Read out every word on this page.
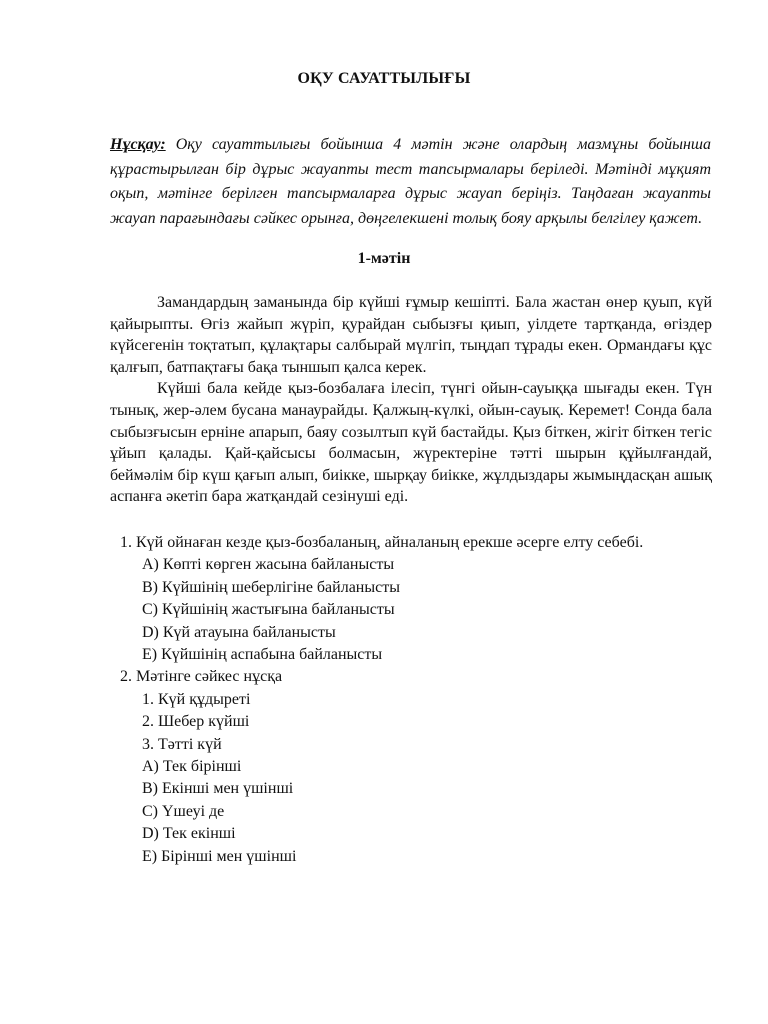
ОҚУ САУАТТЫЛЫҒЫ

Нұсқау: Оқу сауаттылығы бойынша 4 мәтін және олардың мазмұны бойынша құрастырылған бір дұрыс жауапты тест тапсырмалары беріледі. Мәтінді мұқият оқып, мәтінге берілген тапсырмаларға дұрыс жауап беріңіз. Таңдаған жауапты жауап парағындағы сәйкес орынға, дөңгелекшені толық бояу арқылы белгілеу қажет.

1-мәтін

Замандардың заманында бір күйші ғұмыр кешіпті. Бала жастан өнер қуып, күй қайырыпты. Өгіз жайып жүріп, қурайдан сыбызғы қиып, уілдете тартқанда, өгіздер күйсегенін тоқтатып, құлақтары салбырай мүлгіп, тыңдап тұрады екен. Ормандағы құс қалғып, батпақтағы бақа тыншып қалса керек.

Күйші бала кейде қыз-бозбалаға ілесіп, түнгі ойын-сауыққа шығады екен. Түн тынық, жер-әлем бусана манаурайды. Қалжың-күлкі, ойын-сауық. Керемет! Сонда бала сыбызғысын ерніне апарып, баяу созылтып күй бастайды. Қыз біткен, жігіт біткен тегіс ұйып қалады. Қай-қайсысы болмасын, жүректеріне тәтті шырын құйылғандай, беймәлім бір күш қағып алып, биікке, шырқау биікке, жұлдыздары жымыңдасқан ашық аспанға әкетіп бара жатқандай сезінуші еді.

1. Күй ойнаған кезде қыз-бозбаланың, айналаның ерекше әсерге елту себебі.

A) Көпті көрген жасына байланысты
B) Күйшінің шеберлігіне байланысты
C) Күйшінің жастығына байланысты
D) Күй атауына байланысты
E) Күйшінің аспабына байланысты

2. Мәтінге сәйкес нұсқа

1. Күй құдыреті
2. Шебер күйші
3. Тәтті күй
A) Тек бірінші
B) Екінші мен үшінші
C) Үшеуі де
D) Тек екінші
E) Бірінші мен үшінші
